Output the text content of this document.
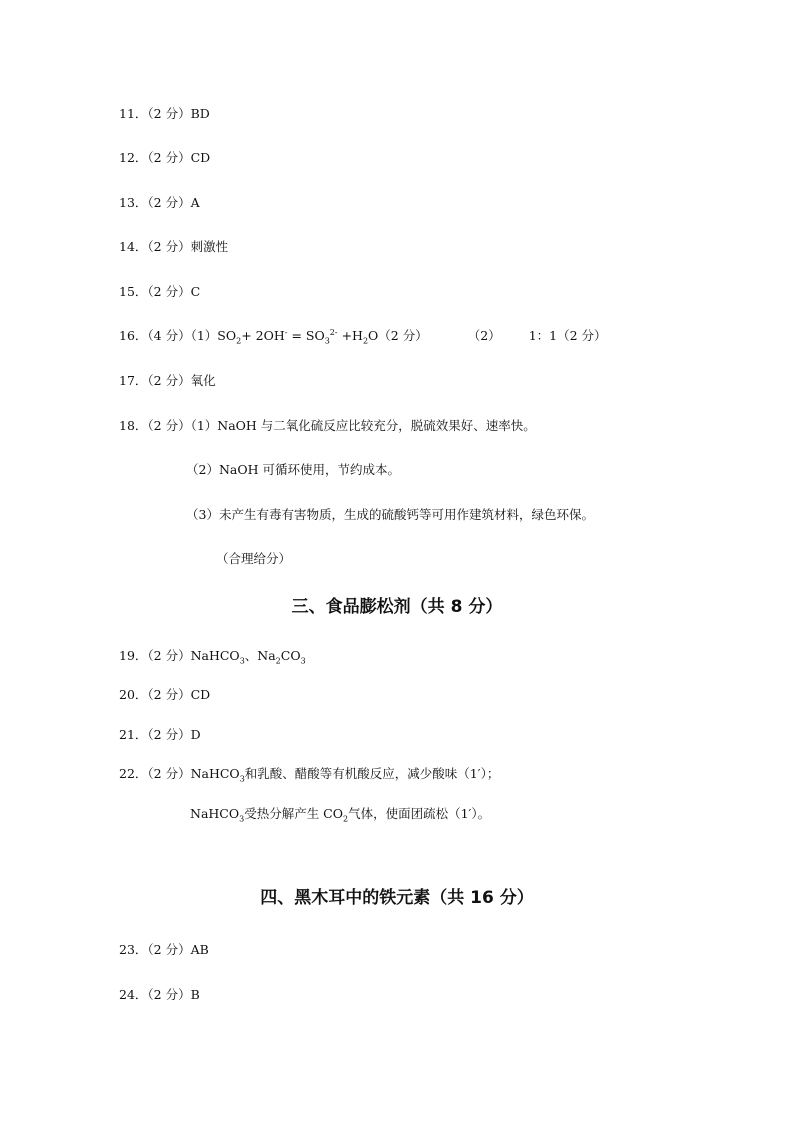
11．（2 分）BD
12．（2 分）CD
13．（2 分）A
14．（2 分）刺激性
15．（2 分）C
16．（4 分）$(1)SO_2+ 2OH^- = SO_3^{2-} +H_2O(2$ 分）	（2） 1：1（2 分）
17．（2 分）氧化
18．（2 分）（1）NaOH 与二氧化硫反应比较充分，脱硫效果好、速率快。
（2）NaOH 可循环使用，节约成本。
（3）未产生有毒有害物质，生成的硫酸钙等可用作建筑材料，绿色环保。
（合理给分）
三、食品膨松剂（共 8 分）
19．（2 分）NaHCO$_3$、$Na_2CO_3$
20．（2 分）CD
21．（2 分）D
22．（2 分）NaHCO$_3$和乳酸、醋酸等有机酸反应，减少酸味（1′）；
NaHCO$_3$受热分解产生 $CO_2$气体，使面团疏松（1′）。
四、黑木耳中的铁元素（共 16 分）
23．（2 分）AB
24．（2 分）B
